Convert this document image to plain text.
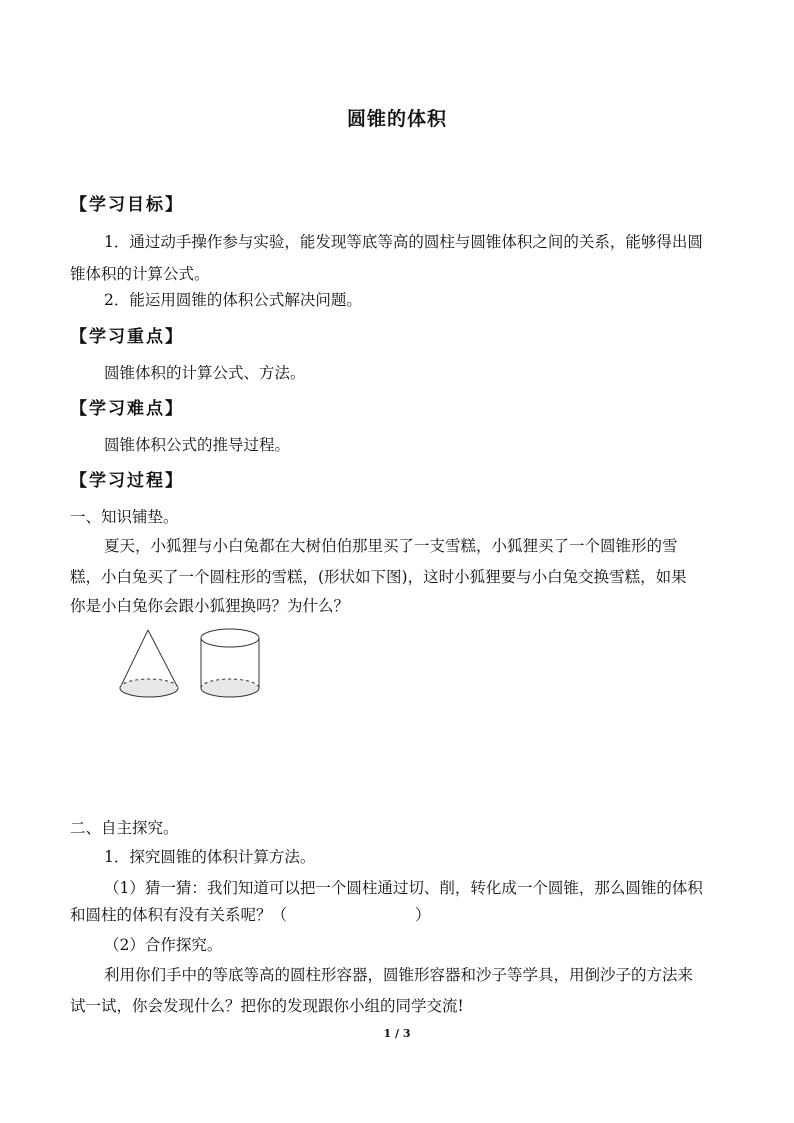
圆锥的体积
【学习目标】
1．通过动手操作参与实验，能发现等底等高的圆柱与圆锥体积之间的关系，能够得出圆
锥体积的计算公式。
2．能运用圆锥的体积公式解决问题。
【学习重点】
圆锥体积的计算公式、方法。
【学习难点】
圆锥体积公式的推导过程。
【学习过程】
一、知识铺垫。
夏天，小狐狸与小白兔都在大树伯伯那里买了一支雪糕，小狐狸买了一个圆锥形的雪
糕，小白兔买了一个圆柱形的雪糕，(形状如下图)，这时小狐狸要与小白兔交换雪糕，如果
你是小白兔你会跟小狐狸换吗？为什么？
二、自主探究。
1．探究圆锥的体积计算方法。
（1）猜一猜：我们知道可以把一个圆柱通过切、削，转化成一个圆锥，那么圆锥的体积
和圆柱的体积有没有关系呢？（	）
（2）合作探究。
利用你们手中的等底等高的圆柱形容器，圆锥形容器和沙子等学具，用倒沙子的方法来
试一试，你会发现什么？把你的发现跟你小组的同学交流!
1 / 3
